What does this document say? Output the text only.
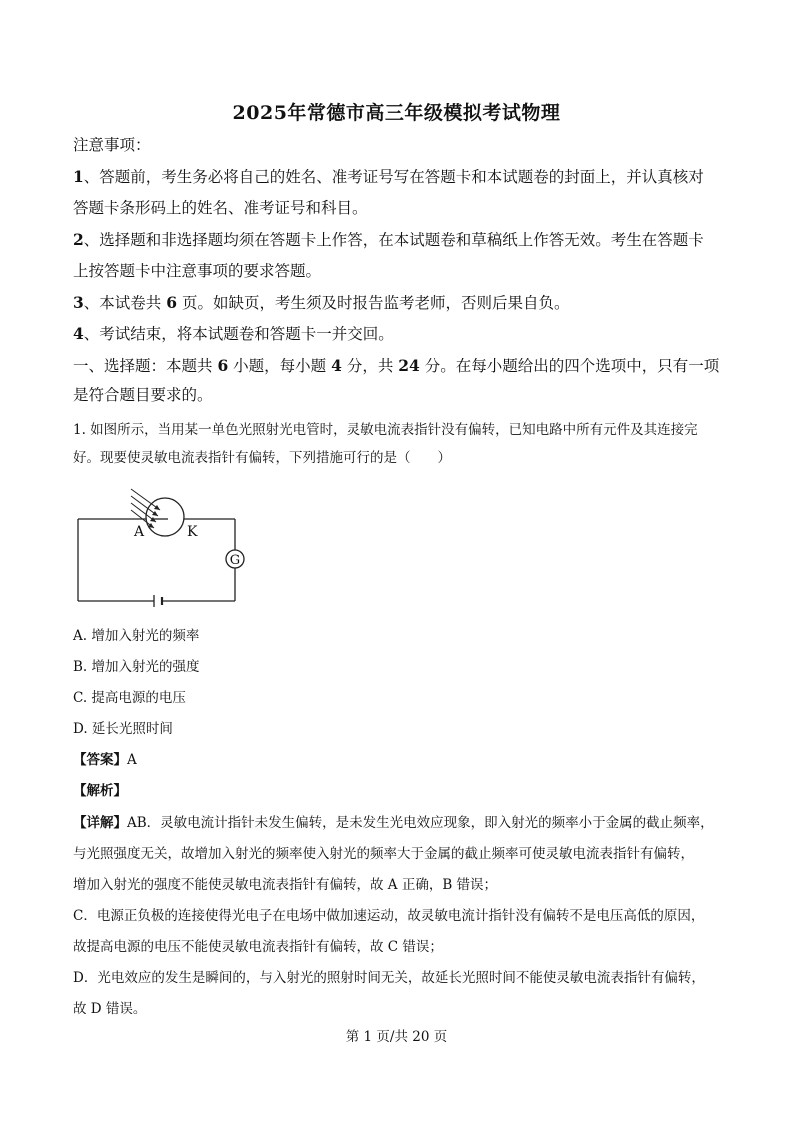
2025年常德市高三年级模拟考试物理
注意事项：
1、答题前，考生务必将自己的姓名、准考证号写在答题卡和本试题卷的封面上，并认真核对
答题卡条形码上的姓名、准考证号和科目。
2、选择题和非选择题均须在答题卡上作答，在本试题卷和草稿纸上作答无效。考生在答题卡
上按答题卡中注意事项的要求答题。
3、本试卷共 6 页。如缺页，考生须及时报告监考老师，否则后果自负。
4、考试结束，将本试题卷和答题卡一并交回。
一、选择题：本题共 6 小题，每小题 4 分，共 24 分。在每小题给出的四个选项中，只有一项
是符合题目要求的。
1. 如图所示，当用某一单色光照射光电管时，灵敏电流表指针没有偏转，已知电路中所有元件及其连接完
好。现要使灵敏电流表指针有偏转，下列措施可行的是（　　）
G
A	K
A. 增加入射光的频率
B. 增加入射光的强度
C. 提高电源的电压
D. 延长光照时间
【答案】A
【解析】
【详解】AB．灵敏电流计指针未发生偏转，是未发生光电效应现象，即入射光的频率小于金属的截止频率，
与光照强度无关，故增加入射光的频率使入射光的频率大于金属的截止频率可使灵敏电流表指针有偏转，
增加入射光的强度不能使灵敏电流表指针有偏转，故 A 正确，B 错误；
C．电源正负极的连接使得光电子在电场中做加速运动，故灵敏电流计指针没有偏转不是电压高低的原因，
故提高电源的电压不能使灵敏电流表指针有偏转，故 C 错误；
D．光电效应的发生是瞬间的，与入射光的照射时间无关，故延长光照时间不能使灵敏电流表指针有偏转，
故 D 错误。
第 1 页/共 20 页
